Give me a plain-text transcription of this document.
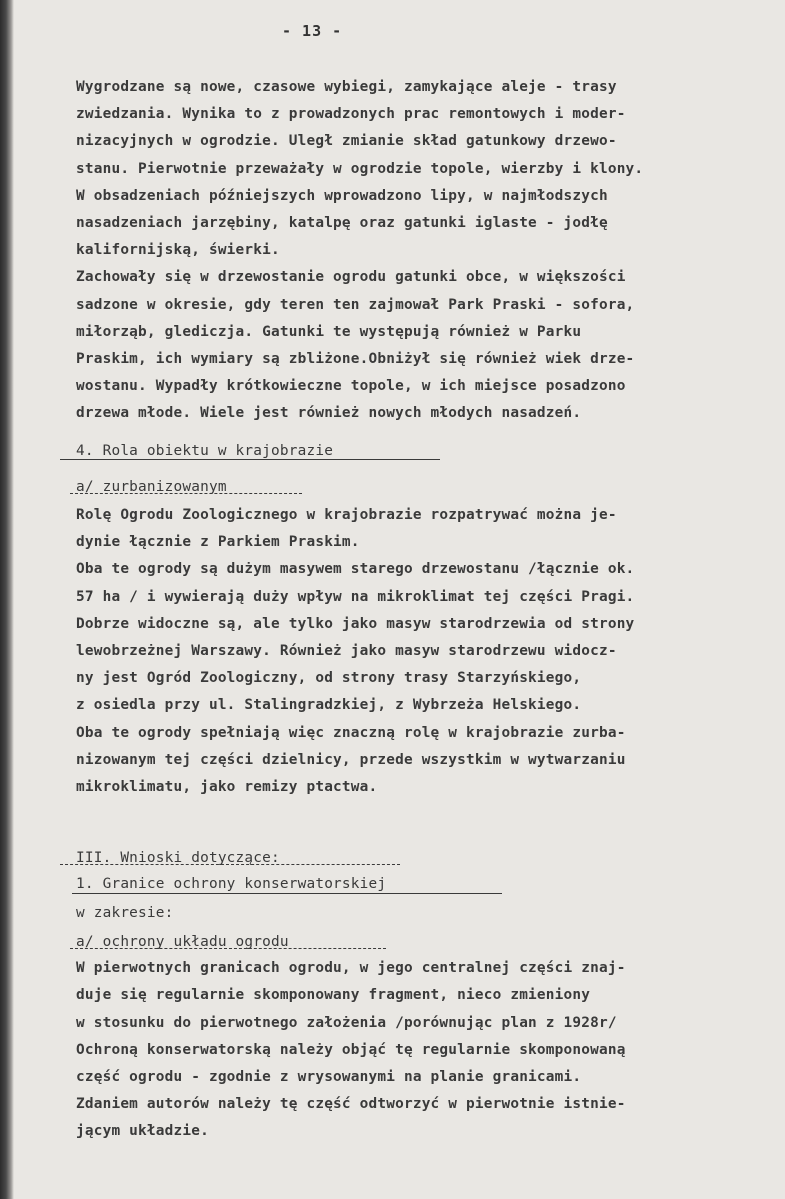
- 13 -

Wygrodzane są nowe, czasowe wybiegi, zamykające aleje - trasy

zwiedzania. Wynika to z prowadzonych prac remontowych i moder-

nizacyjnych w ogrodzie. Uległ zmianie skład gatunkowy drzewo-

stanu. Pierwotnie przeważały w ogrodzie topole, wierzby i klony.

W obsadzeniach późniejszych wprowadzono lipy, w najmłodszych

nasadzeniach jarzębiny, katalpę oraz gatunki iglaste - jodłę

kalifornijską, świerki.

Zachowały się w drzewostanie ogrodu gatunki obce, w większości

sadzone w okresie, gdy teren ten zajmował Park Praski - sofora,

miłorząb, glediczja. Gatunki te występują również w Parku

Praskim, ich wymiary są zbliżone.Obniżył się również wiek drze-

wostanu. Wypadły krótkowieczne topole, w ich miejsce posadzono

drzewa młode. Wiele jest również nowych młodych nasadzeń.

4. Rola obiektu w krajobrazie

a/ zurbanizowanym

Rolę Ogrodu Zoologicznego w krajobrazie rozpatrywać można je-

dynie łącznie z Parkiem Praskim.

Oba te ogrody są dużym masywem starego drzewostanu /łącznie ok.

57 ha / i wywierają duży wpływ na mikroklimat tej części Pragi.

Dobrze widoczne są, ale tylko jako masyw starodrzewia od strony

lewobrzeżnej Warszawy. Również jako masyw starodrzewu widocz-

ny jest Ogród Zoologiczny, od strony trasy Starzyńskiego,

z osiedla przy ul. Stalingradzkiej, z Wybrzeża Helskiego.

Oba te ogrody spełniają więc znaczną rolę w krajobrazie zurba-

nizowanym tej części dzielnicy, przede wszystkim w wytwarzaniu

mikroklimatu, jako remizy ptactwa.

III. Wnioski dotyczące:

1. Granice ochrony konserwatorskiej

w zakresie:

a/ ochrony układu ogrodu

W pierwotnych granicach ogrodu, w jego centralnej części znaj-

duje się regularnie skomponowany fragment, nieco zmieniony

w stosunku do pierwotnego założenia /porównując plan z 1928r/

Ochroną konserwatorską należy objąć tę regularnie skomponowaną

część ogrodu - zgodnie z wrysowanymi na planie granicami.

Zdaniem autorów należy tę część odtworzyć w pierwotnie istnie-

jącym układzie.
